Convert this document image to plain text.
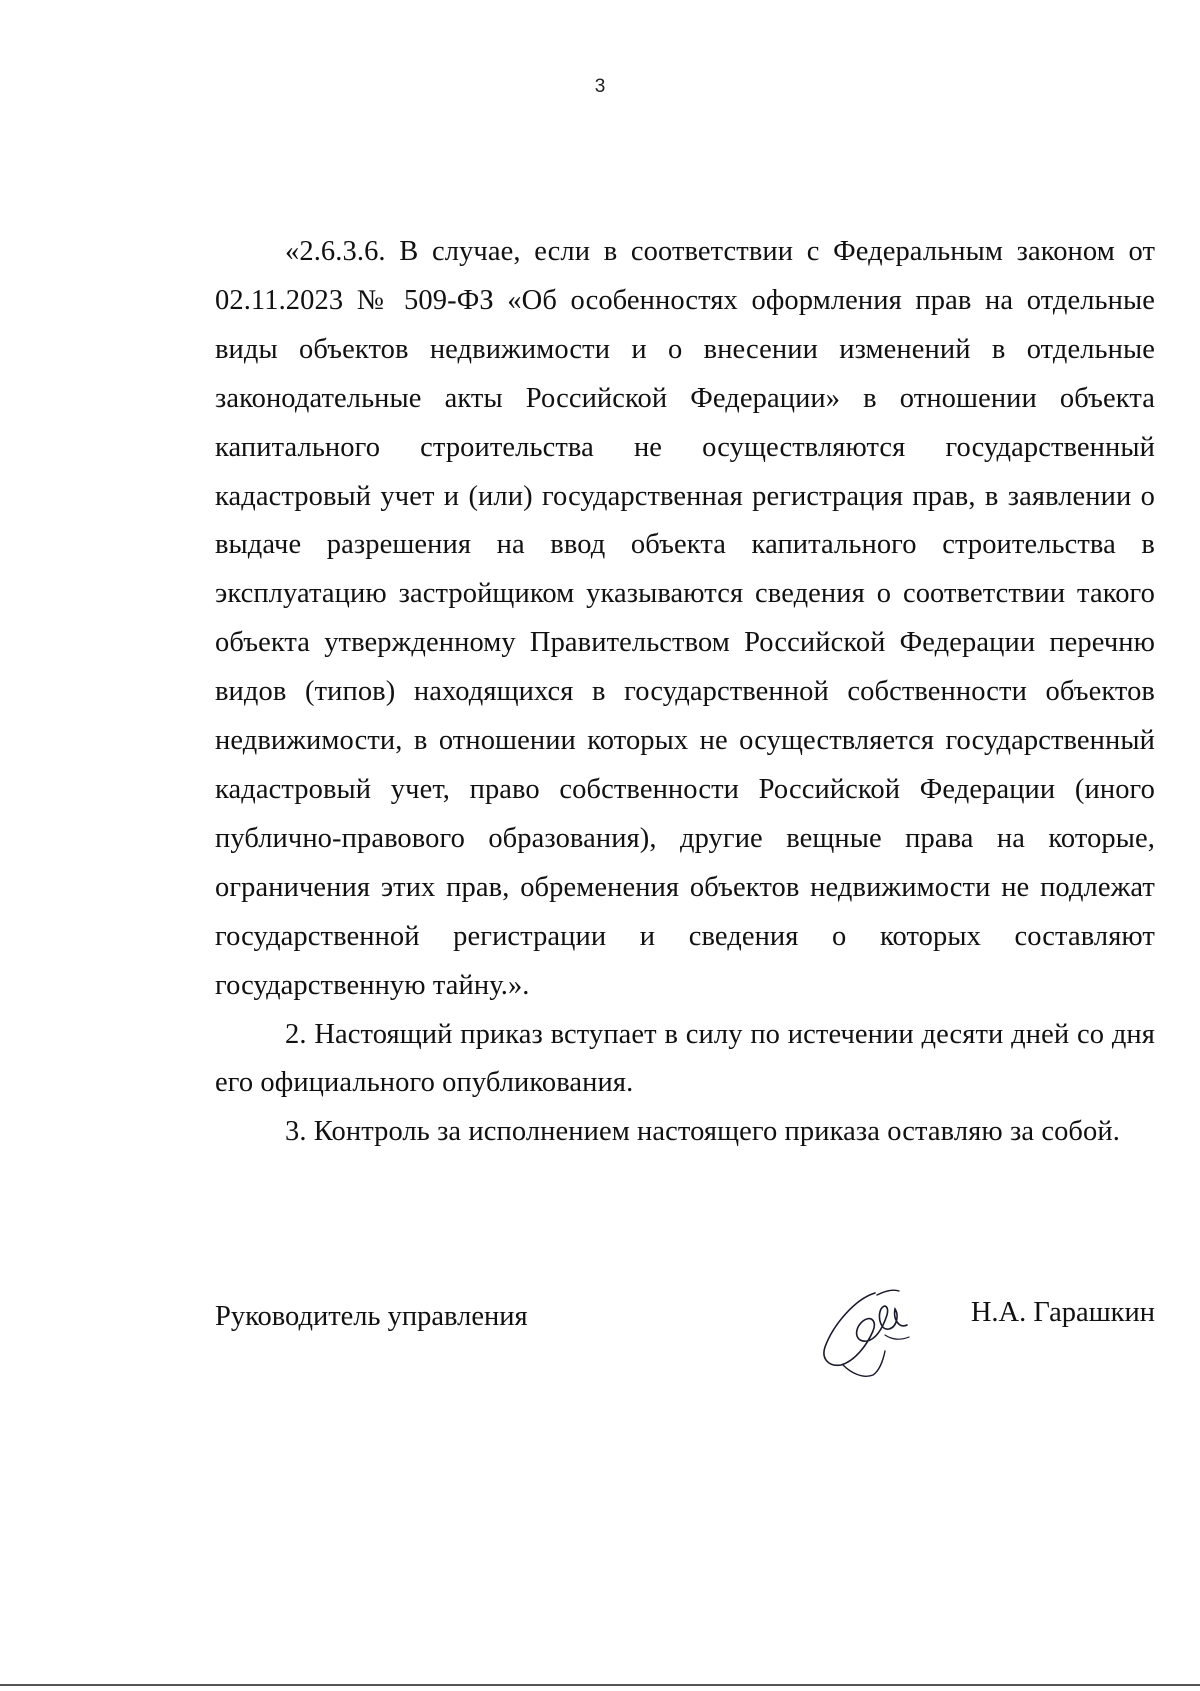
3

«2.6.3.6. В случае, если в соответствии с Федеральным законом от 02.11.2023 № 509-ФЗ «Об особенностях оформления прав на отдельные виды объектов недвижимости и о внесении изменений в отдельные законодательные акты Российской Федерации» в отношении объекта капитального строительства не осуществляются государственный кадастровый учет и (или) государственная регистрация прав, в заявлении о выдаче разрешения на ввод объекта капитального строительства в эксплуатацию застройщиком указываются сведения о соответствии такого объекта утвержденному Правительством Российской Федерации перечню видов (типов) находящихся в государственной собственности объектов недвижимости, в отношении которых не осуществляется государственный кадастровый учет, право собственности Российской Федерации (иного публично-правового образования), другие вещные права на которые, ограничения этих прав, обременения объектов недвижимости не подлежат государственной регистрации и сведения о которых составляют государственную тайну.».

2. Настоящий приказ вступает в силу по истечении десяти дней со дня его официального опубликования.

3. Контроль за исполнением настоящего приказа оставляю за собой.

Руководитель управления	Н.А. Гарашкин
